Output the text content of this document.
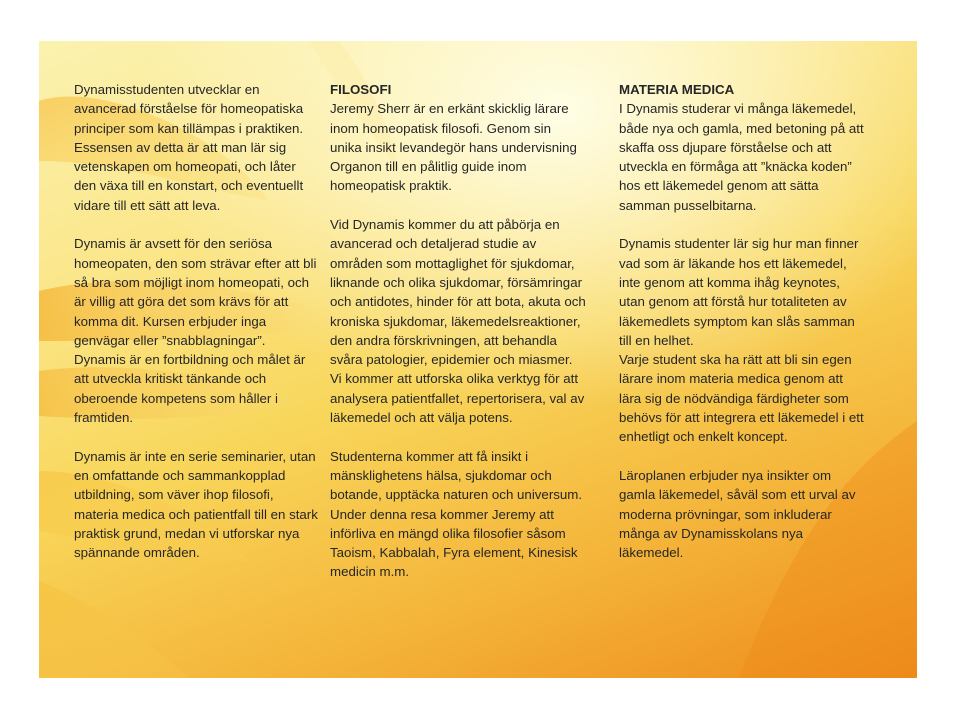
Dynamisstudenten utvecklar en avancerad förståelse för homeopatiska principer som kan tillämpas i praktiken. Essensen av detta är att man lär sig vetenskapen om homeopati, och låter den växa till en konstart, och eventuellt vidare till ett sätt att leva.

Dynamis är avsett för den seriösa homeopaten, den som strävar efter att bli så bra som möjligt inom homeopati, och är villig att göra det som krävs för att komma dit. Kursen erbjuder inga genvägar eller ”snabblagningar”. Dynamis är en fortbildning och målet är att utveckla kritiskt tänkande och oberoende kompetens som håller i framtiden.

Dynamis är inte en serie seminarier, utan en omfattande och sammankopplad utbildning, som väver ihop filosofi, materia medica och patientfall till en stark praktisk grund, medan vi utforskar nya spännande områden.

FILOSOFI

Jeremy Sherr är en erkänt skicklig lärare inom homeopatisk filosofi. Genom sin unika insikt levandegör hans undervisning Organon till en pålitlig guide inom homeopatisk praktik.

Vid Dynamis kommer du att påbörja en avancerad och detaljerad studie av områden som mottaglighet för sjukdomar, liknande och olika sjukdomar, försämringar och antidotes, hinder för att bota, akuta och kroniska sjukdomar, läkemedelsreaktioner, den andra förskrivningen, att behandla svåra patologier, epidemier och miasmer. Vi kommer att utforska olika verktyg för att analysera patientfallet, repertorisera, val av läkemedel och att välja potens.

Studenterna kommer att få insikt i mänsklighetens hälsa, sjukdomar och botande, upptäcka naturen och universum. Under denna resa kommer Jeremy att införliva en mängd olika filosofier såsom Taoism, Kabbalah, Fyra element, Kinesisk medicin m.m.

MATERIA MEDICA

I Dynamis studerar vi många läkemedel, både nya och gamla, med betoning på att skaffa oss djupare förståelse och att utveckla en förmåga att ”knäcka koden” hos ett läkemedel genom att sätta samman pusselbitarna.

Dynamis studenter lär sig hur man finner vad som är läkande hos ett läkemedel, inte genom att komma ihåg keynotes, utan genom att förstå hur totaliteten av läkemedlets symptom kan slås samman till en helhet.

Varje student ska ha rätt att bli sin egen lärare inom materia medica genom att lära sig de nödvändiga färdigheter som behövs för att integrera ett läkemedel i ett enhetligt och enkelt koncept.

Läroplanen erbjuder nya insikter om gamla läkemedel, såväl som ett urval av moderna prövningar, som inkluderar många av Dynamisskolans nya läkemedel.
